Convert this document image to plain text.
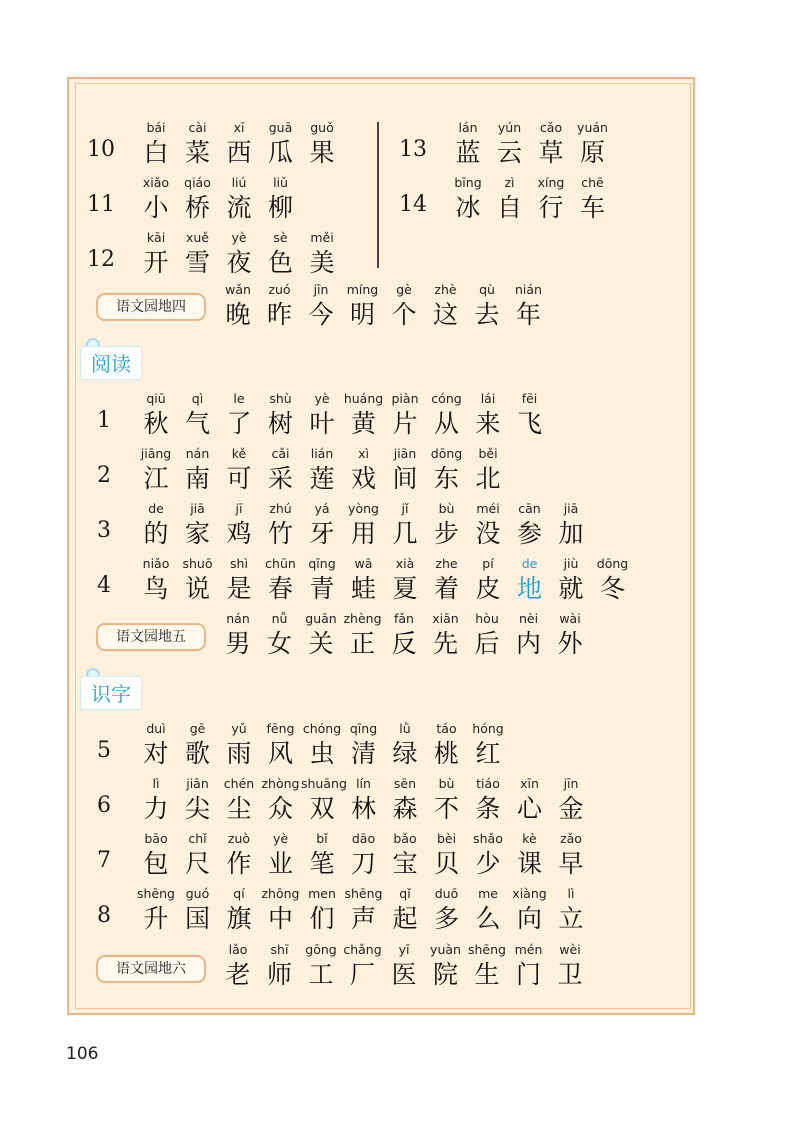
10
bái
白
cài
菜
xī
西
guā
瓜
guǒ
果
11
xiǎo
小
qiáo
桥
liú
流
liǔ
柳
12
kāi
开
xuě
雪
yè
夜
sè
色
měi
美
13
lán
蓝
yún
云
cǎo
草
yuán
原
14
bīng
冰
zì
自
xíng
行
chē
车
语文园地四
wǎn
晚
zuó
昨
jīn
今
míng
明
gè
个
zhè
这
qù
去
nián
年
阅读
1
qiū
秋
qì
气
le
了
shù
树
yè
叶
huáng
黄
piàn
片
cóng
从
lái
来
fēi
飞
2
jiāng
江
nán
南
kě
可
cǎi
采
lián
莲
xì
戏
jiān
间
dōng
东
běi
北
3
de
的
jiā
家
jī
鸡
zhú
竹
yá
牙
yòng
用
jǐ
几
bù
步
méi
没
cān
参
jiā
加
4
niǎo
鸟
shuō
说
shì
是
chūn
春
qīng
青
wā
蛙
xià
夏
zhe
着
pí
皮
de
地
jiù
就
dōng
冬
语文园地五
nán
男
nǚ
女
guān
关
zhèng
正
fǎn
反
xiān
先
hòu
后
nèi
内
wài
外
识字
5
duì
对
gē
歌
yǔ
雨
fēng
风
chóng
虫
qīng
清
lǜ
绿
táo
桃
hóng
红
6
lì
力
jiān
尖
chén
尘
zhòng
众
shuāng
双
lín
林
sēn
森
bù
不
tiáo
条
xīn
心
jīn
金
7
bāo
包
chǐ
尺
zuò
作
yè
业
bǐ
笔
dāo
刀
bǎo
宝
bèi
贝
shǎo
少
kè
课
zǎo
早
8
shēng
升
guó
国
qí
旗
zhōng
中
men
们
shēng
声
qǐ
起
duō
多
me
么
xiàng
向
lì
立
语文园地六
lǎo
老
shī
师
gōng
工
chǎng
厂
yī
医
yuàn
院
shēng
生
mén
门
wèi
卫
106
